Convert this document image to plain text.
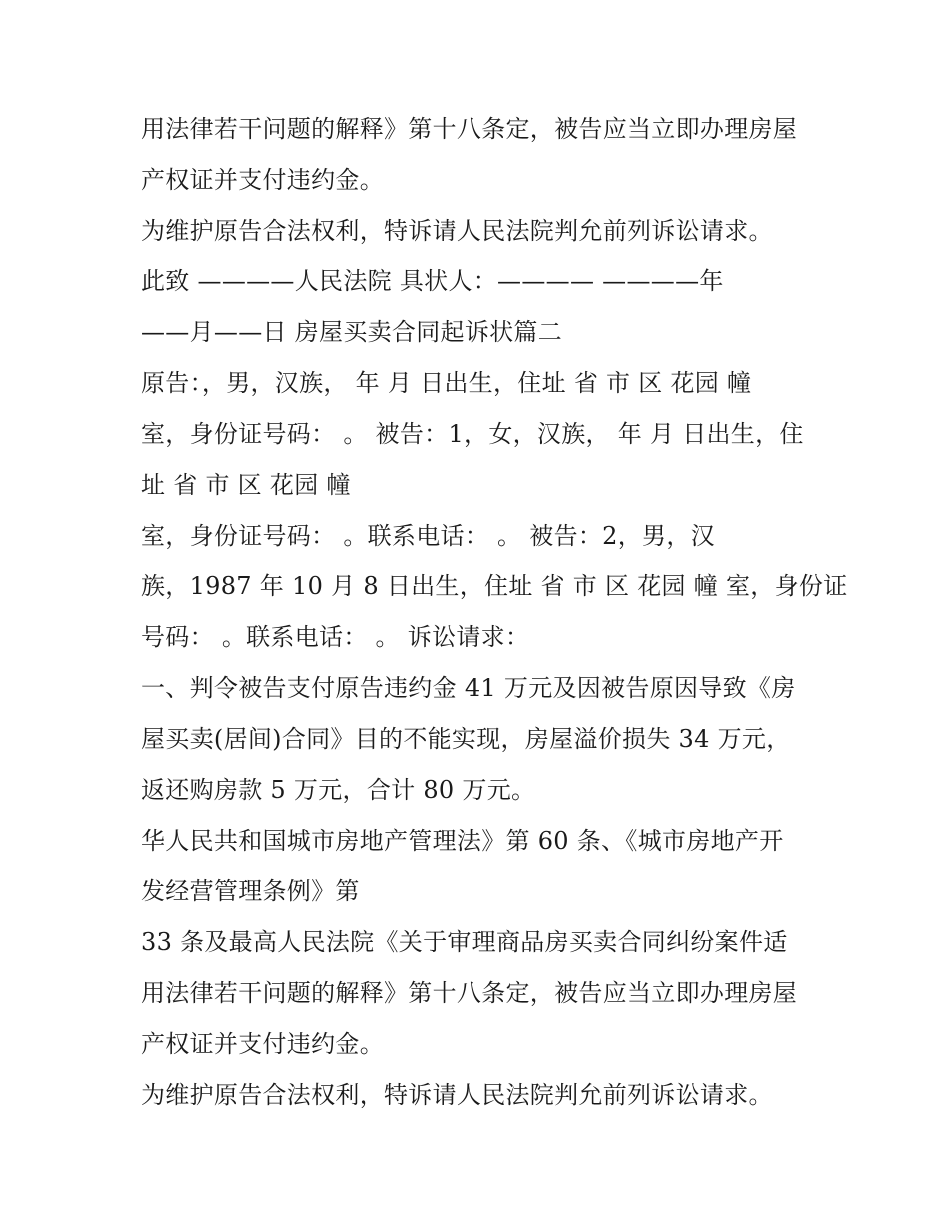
用法律若干问题的解释》第十八条定，被告应当立即办理房屋
产权证并支付违约金。
为维护原告合法权利，特诉请人民法院判允前列诉讼请求。
此致 ————人民法院 具状人：———— ————年
——月——日 房屋买卖合同起诉状篇二
原告：，男，汉族， 年 月 日出生，住址 省 市 区 花园 幢
室，身份证号码： 。 被告：1，女，汉族， 年 月 日出生，住
址 省 市 区 花园 幢
室，身份证号码： 。联系电话： 。 被告：2，男，汉
族，1987 年 10 月 8 日出生，住址 省 市 区 花园 幢 室，身份证
号码： 。联系电话： 。 诉讼请求：
一、判令被告支付原告违约金 41 万元及因被告原因导致《房
屋买卖(居间)合同》目的不能实现，房屋溢价损失 34 万元，
返还购房款 5 万元，合计 80 万元。
华人民共和国城市房地产管理法》第 60 条、《城市房地产开
发经营管理条例》第
33 条及最高人民法院《关于审理商品房买卖合同纠纷案件适
用法律若干问题的解释》第十八条定，被告应当立即办理房屋
产权证并支付违约金。
为维护原告合法权利，特诉请人民法院判允前列诉讼请求。
